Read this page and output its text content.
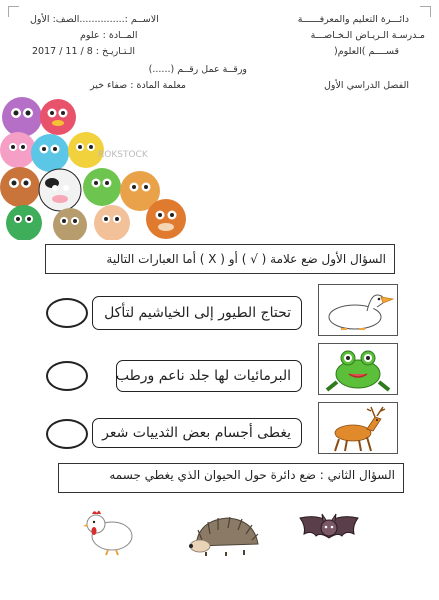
دائـــرة التعليم والمعرفــــــة
مـدرسـة الـريـاض الـخـاصـــة
قســــم )العلوم(
ورقــة عمل رقــم (......)
الفصل الدراسي الأول
الاســم :...............الصف: الأول
المــادة : علوم
2017 / 11 / 8 : الـتـاريـخ
معلمة المادة : صفاء خير
ROKSTOCK
السؤال الأول ضع علامة ( √ ) أو ( X ) أما العبارات التالية
تحتاج الطيور إلى الخياشيم لتأكل
البرمائيات لها جلد ناعم ورطب
يغطى أجسام بعض الثدييات شعر
السؤال الثاني : ضع دائرة حول الحيوان الذي يغطي جسمه
